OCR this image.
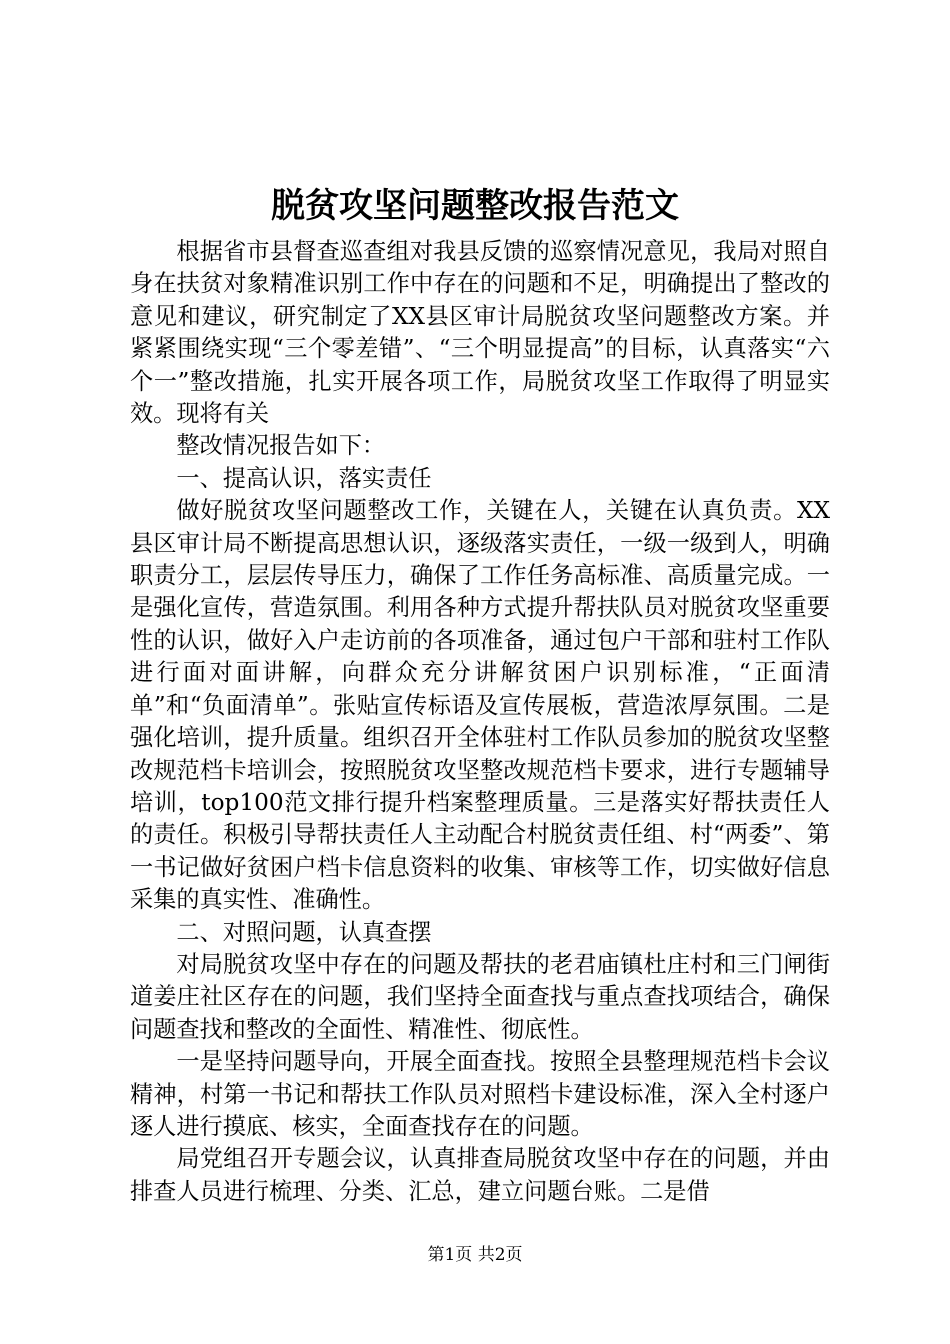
脱贫攻坚问题整改报告范文

根据省市县督查巡查组对我县反馈的巡察情况意见，我局对照自身在扶贫对象精准识别工作中存在的问题和不足，明确提出了整改的意见和建议，研究制定了XX县区审计局脱贫攻坚问题整改方案。并紧紧围绕实现“三个零差错”、“三个明显提高”的目标，认真落实“六个一”整改措施，扎实开展各项工作，局脱贫攻坚工作取得了明显实效。现将有关

整改情况报告如下：

一、提高认识，落实责任

做好脱贫攻坚问题整改工作，关键在人，关键在认真负责。XX县区审计局不断提高思想认识，逐级落实责任，一级一级到人，明确职责分工，层层传导压力，确保了工作任务高标准、高质量完成。一是强化宣传，营造氛围。利用各种方式提升帮扶队员对脱贫攻坚重要性的认识，做好入户走访前的各项准备，通过包户干部和驻村工作队进行面对面讲解，向群众充分讲解贫困户识别标准，“正面清单”和“负面清单”。张贴宣传标语及宣传展板，营造浓厚氛围。二是强化培训，提升质量。组织召开全体驻村工作队员参加的脱贫攻坚整改规范档卡培训会，按照脱贫攻坚整改规范档卡要求，进行专题辅导培训，top100范文排行提升档案整理质量。三是落实好帮扶责任人的责任。积极引导帮扶责任人主动配合村脱贫责任组、村“两委”、第一书记做好贫困户档卡信息资料的收集、审核等工作，切实做好信息采集的真实性、准确性。

二、对照问题，认真查摆

对局脱贫攻坚中存在的问题及帮扶的老君庙镇杜庄村和三门闸街道姜庄社区存在的问题，我们坚持全面查找与重点查找项结合，确保问题查找和整改的全面性、精准性、彻底性。

一是坚持问题导向，开展全面查找。按照全县整理规范档卡会议精神，村第一书记和帮扶工作队员对照档卡建设标准，深入全村逐户逐人进行摸底、核实，全面查找存在的问题。

局党组召开专题会议，认真排查局脱贫攻坚中存在的问题，并由排查人员进行梳理、分类、汇总，建立问题台账。二是借

第1页 共2页
